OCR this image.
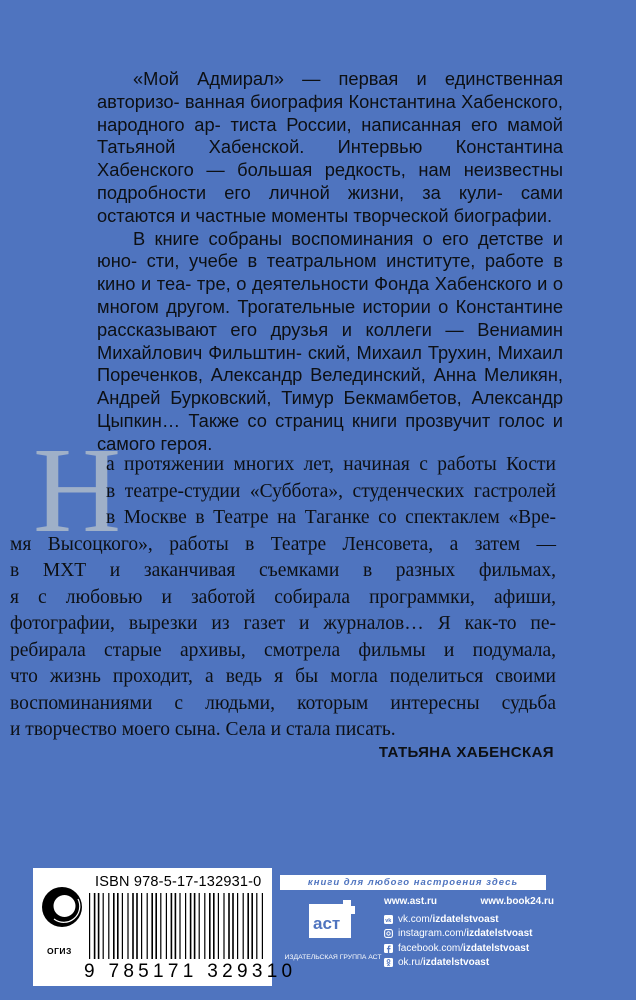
«Мой Адмирал» — первая и единственная авторизо- ванная биография Константина Хабенского, народного ар- тиста России, написанная его мамой Татьяной Хабенской. Интервью Константина Хабенского — большая редкость, нам неизвестны подробности его личной жизни, за кули- сами остаются и частные моменты творческой биографии.

В книге собраны воспоминания о его детстве и юно- сти, учебе в театральном институте, работе в кино и теа- тре, о деятельности Фонда Хабенского и о многом другом. Трогательные истории о Константине рассказывают его друзья и коллеги — Вениамин Михайлович Фильштин- ский, Михаил Трухин, Михаил Пореченков, Александр Велединский, Анна Меликян, Андрей Бурковский, Тимур Бекмамбетов, Александр Цыпкин… Также со страниц книги прозвучит голос и самого героя.

Н
а протяжении многих лет, начиная с работы Кости
в театре-студии «Суббота», студенческих гастролей
в Москве в Театре на Таганке со спектаклем «Вре-
мя Высоцкого», работы в Театре Ленсовета, а затем —
в МХТ и заканчивая съемками в разных фильмах,
я с любовью и заботой собирала программки, афиши,
фотографии, вырезки из газет и журналов… Я как-то пе-
ребирала старые архивы, смотрела фильмы и подумала,
что жизнь проходит, а ведь я бы могла поделиться своими
воспоминаниями с людьми, которым интересны судьба
и творчество моего сына. Села и стала писать.
ТАТЬЯНА ХАБЕНСКАЯ
ОГИЗ
ISBN 978-5-17-132931-0
9 785171 329310
книги для любого настроения здесь
аст
ИЗДАТЕЛЬСКАЯ ГРУППА АСТ
www.ast.ru	www.book24.ru
vk vk.com/ izdatelstvoast
instagram.com/ izdatelstvoast
facebook.com/ izdatelstvoast
ok.ru/ izdatelstvoast
